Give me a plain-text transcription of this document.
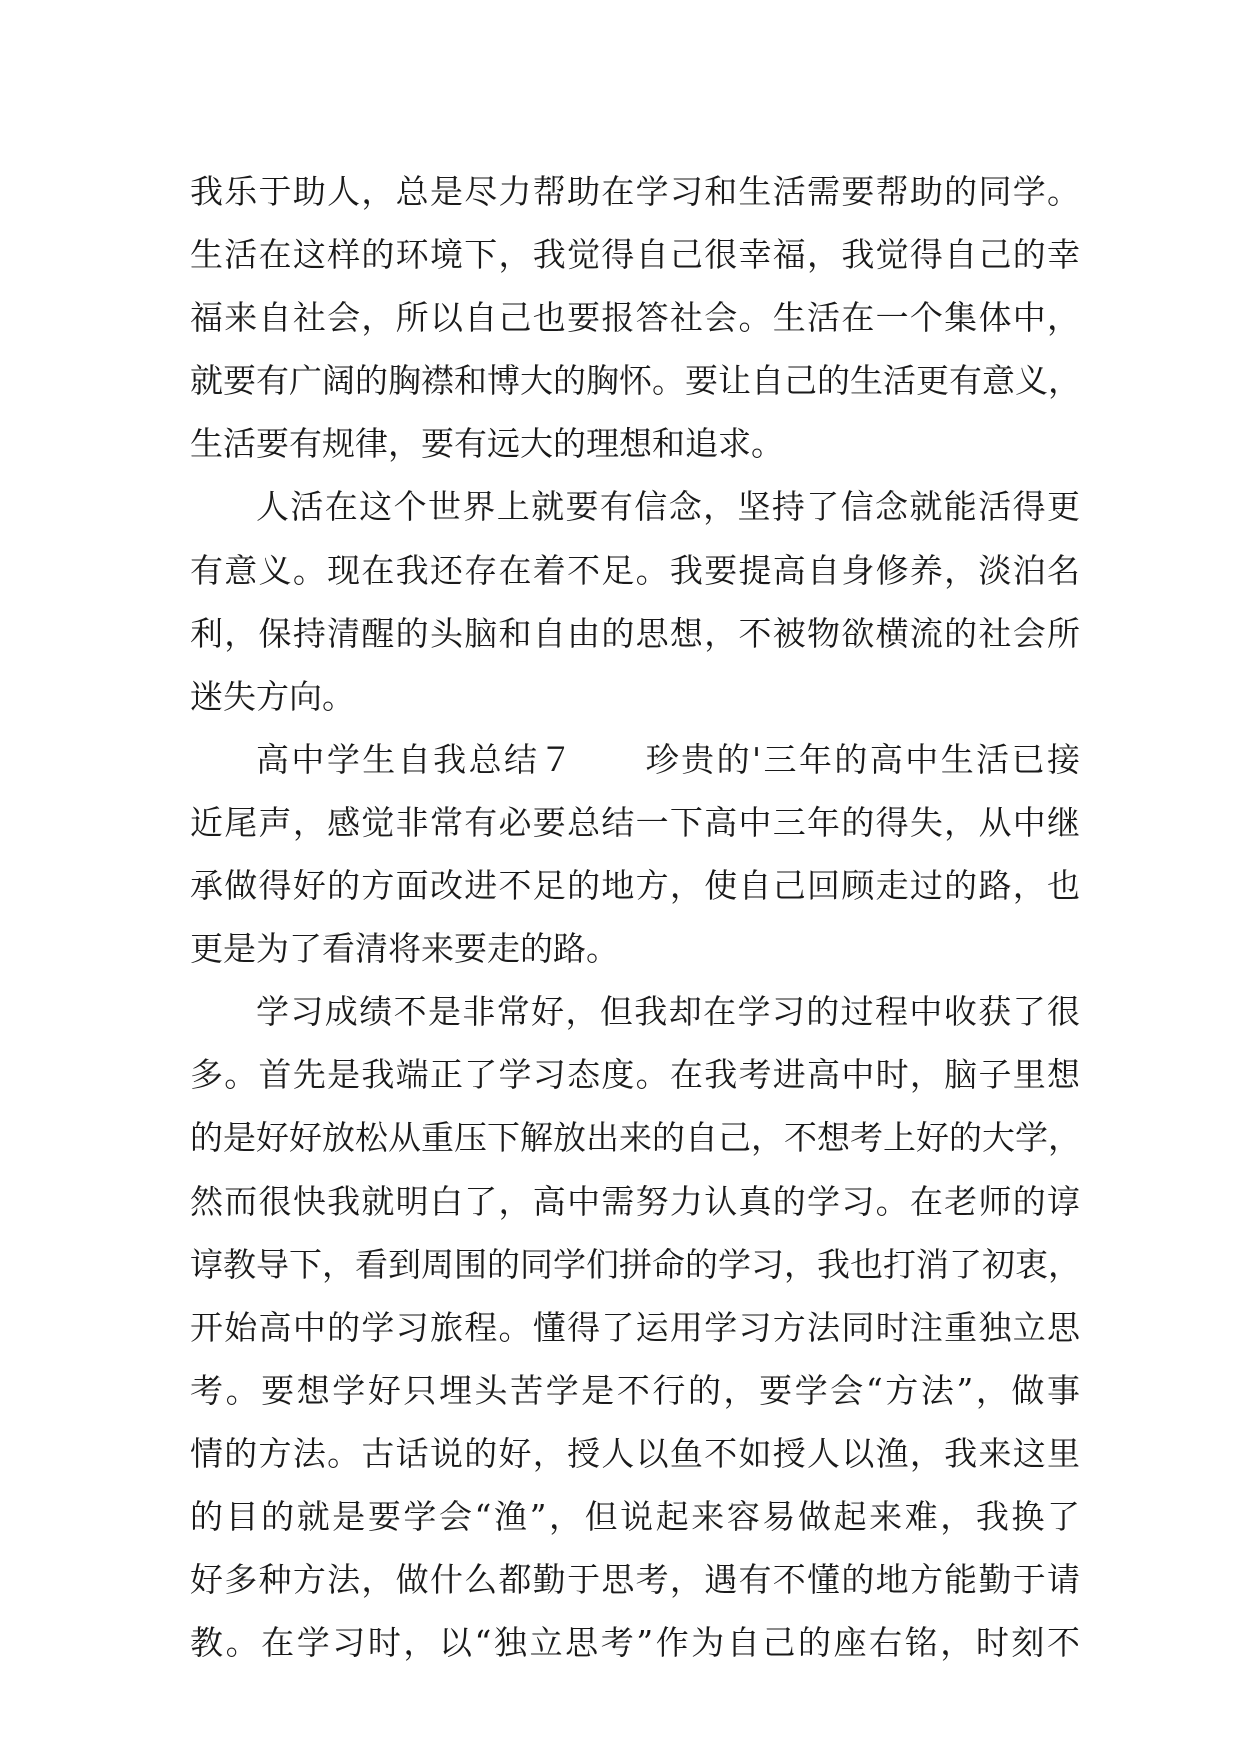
我乐于助人，总是尽力帮助在学习和生活需要帮助的同学。
生活在这样的环境下，我觉得自己很幸福，我觉得自己的幸
福来自社会，所以自己也要报答社会。生活在一个集体中，
就要有广阔的胸襟和博大的胸怀。要让自己的生活更有意义，
生活要有规律，要有远大的理想和追求。
人活在这个世界上就要有信念，坚持了信念就能活得更
有意义。现在我还存在着不足。我要提高自身修养，淡泊名
利，保持清醒的头脑和自由的思想，不被物欲横流的社会所
迷失方向。
高中学生自我总结７　　珍贵的'三年的高中生活已接
近尾声，感觉非常有必要总结一下高中三年的得失，从中继
承做得好的方面改进不足的地方，使自己回顾走过的路，也
更是为了看清将来要走的路。
学习成绩不是非常好，但我却在学习的过程中收获了很
多。首先是我端正了学习态度。在我考进高中时，脑子里想
的是好好放松从重压下解放出来的自己，不想考上好的大学，
然而很快我就明白了，高中需努力认真的学习。在老师的谆
谆教导下，看到周围的同学们拼命的学习，我也打消了初衷，
开始高中的学习旅程。懂得了运用学习方法同时注重独立思
考。要想学好只埋头苦学是不行的，要学会“方法”，做事
情的方法。古话说的好，授人以鱼不如授人以渔，我来这里
的目的就是要学会“渔”，但说起来容易做起来难，我换了
好多种方法，做什么都勤于思考，遇有不懂的地方能勤于请
教。在学习时，以“独立思考”作为自己的座右铭，时刻不
